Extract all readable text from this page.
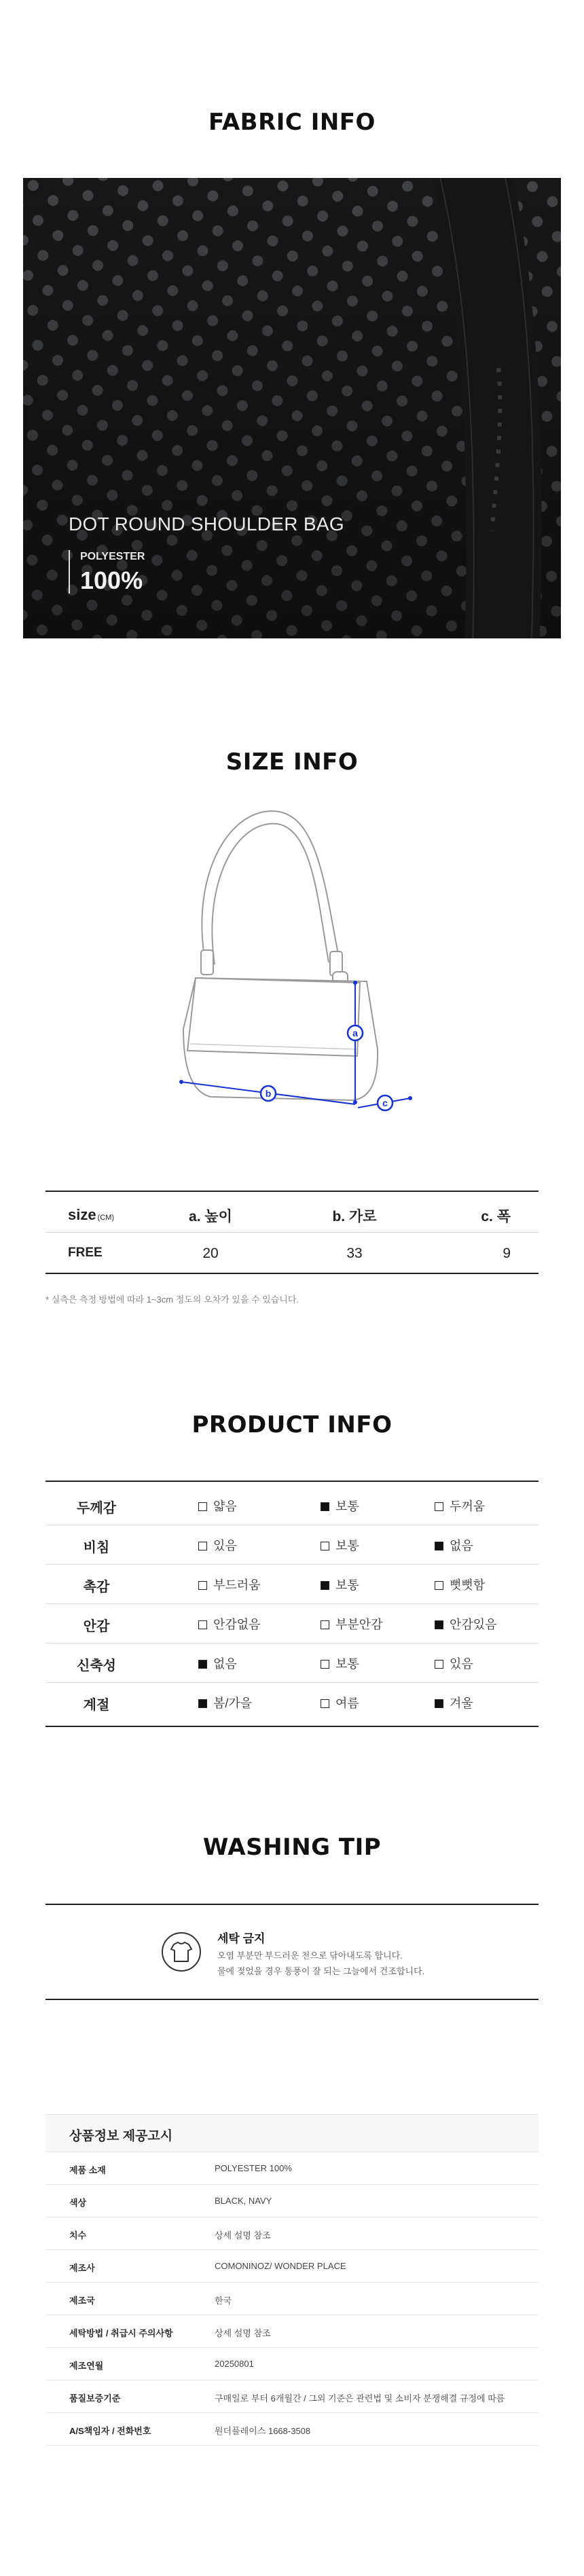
FABRIC INFO
DOT ROUND SHOULDER BAG
POLYESTER
100%
SIZE INFO
a
b
c
size (CM)	a. 높이	b. 가로	c. 폭
FREE	20	33	9
* 실측은 측정 방법에 따라 1~3cm 정도의 오차가 있을 수 있습니다.
PRODUCT INFO
두께감	얇음	보통	두꺼움
비침	있음	보통	없음
촉감	부드러움	보통	뻣뻣함
안감	안감없음	부분안감	안감있음
신축성	없음	보통	있음
계절	봄/가을	여름	겨울
WASHING TIP
세탁 금지
오염 부분만 부드러운 천으로 닦아내도록 합니다.
물에 젖었을 경우 통풍이 잘 되는 그늘에서 건조합니다.
상품정보 제공고시
제품 소재	POLYESTER 100%
색상	BLACK, NAVY
치수	상세 설명 참조
제조사	COMONINOZ/ WONDER PLACE
제조국	한국
세탁방법 / 취급시 주의사항	상세 설명 참조
제조연월	20250801
품질보증기준	구매일로 부터 6개월간 / 그외 기준은 관련법 및 소비자 분쟁해결 규정에 따름
A/S책임자 / 전화번호	원더플레이스 1668-3508
